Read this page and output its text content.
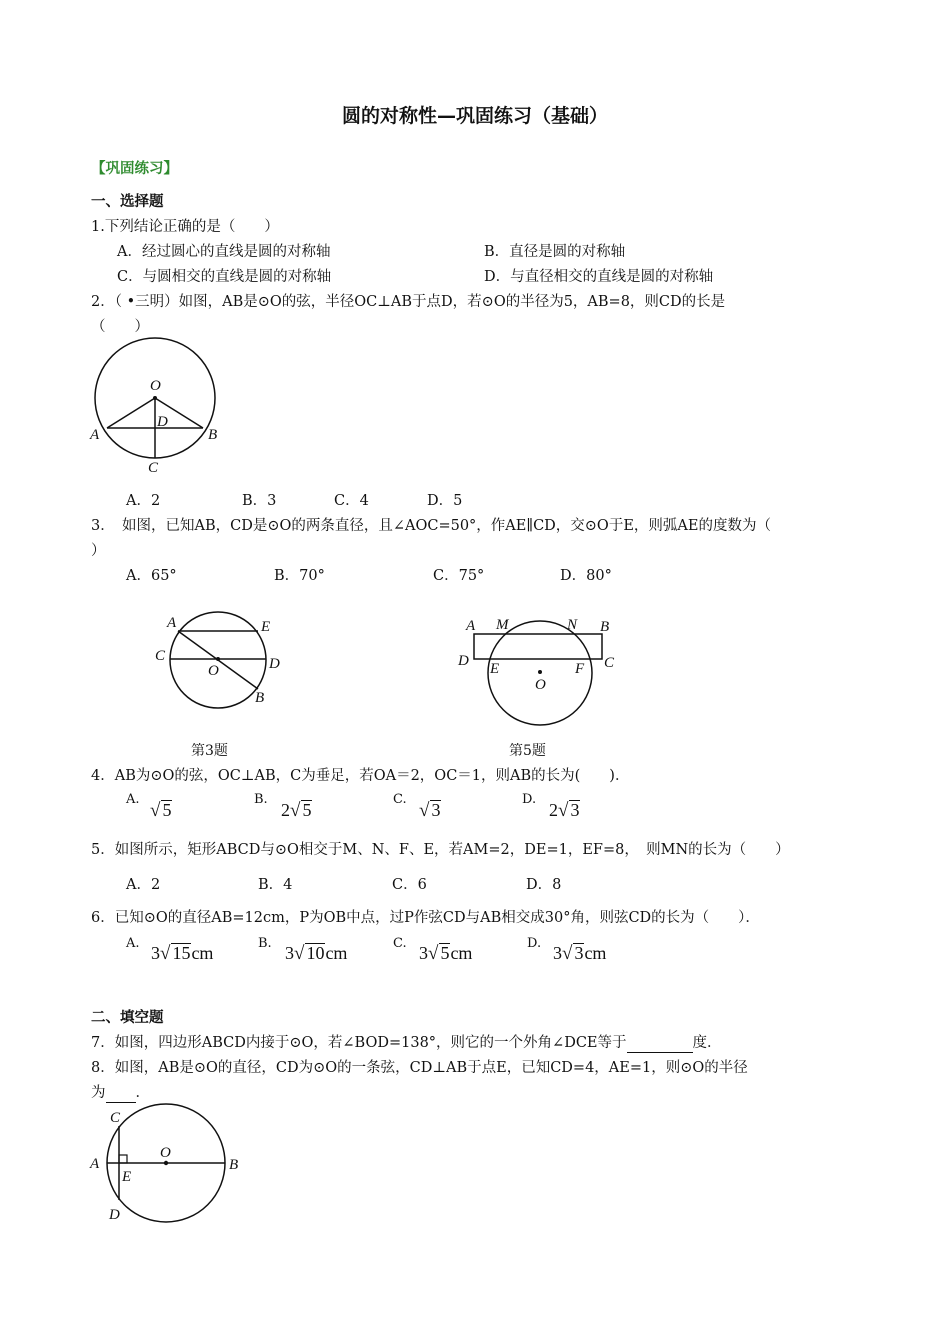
圆的对称性—巩固练习（基础）
【巩固练习】
一、选择题
1.下列结论正确的是（　　）
A．经过圆心的直线是圆的对称轴	B．直径是圆的对称轴
C．与圆相交的直线是圆的对称轴	D．与直径相交的直线是圆的对称轴
2．（ •三明）如图，AB是⊙O的弦，半径OC⊥AB于点D，若⊙O的半径为5，AB=8，则CD的长是
（　　）
O
D
A	B
C
A．2	B．3	C．4	D．5
3．　如图，已知AB，CD是⊙O的两条直径，且∠AOC=50°，作AE∥CD，交⊙O于E，则弧AE的度数为（
）
A．65°	B．70°	C．75°	D．80°
A	E
C
O	D
B
A M	N B
D E	F C
O
第3题	第5题
4．AB为⊙O的弦，OC⊥AB，C为垂足，若OA＝2，OC＝1，则AB的长为(　　)．
A.
√ 5
B.
2√ 5
C.
√ 3
D.
2√ 3
5．如图所示，矩形ABCD与⊙O相交于M、N、F、E，若AM=2，DE=1，EF=8，　则MN的长为（　　）
A．2	B．4	C．6	D．8
6．已知⊙O的直径AB=12cm，P为OB中点，过P作弦CD与AB相交成30°角，则弦CD的长为（　　）．
A. 3√ 15cm	B. 3√ 10cm	C. 3√ 5cm	D. 3√ 3cm
二、填空题
7．如图，四边形ABCD内接于⊙O，若∠BOD=138°，则它的一个外角∠DCE等于	度．
8．如图，AB是⊙O的直径，CD为⊙O的一条弦，CD⊥AB于点E，已知CD=4，AE=1，则⊙O的半径
为 ．
C
O
A	B
E
D
